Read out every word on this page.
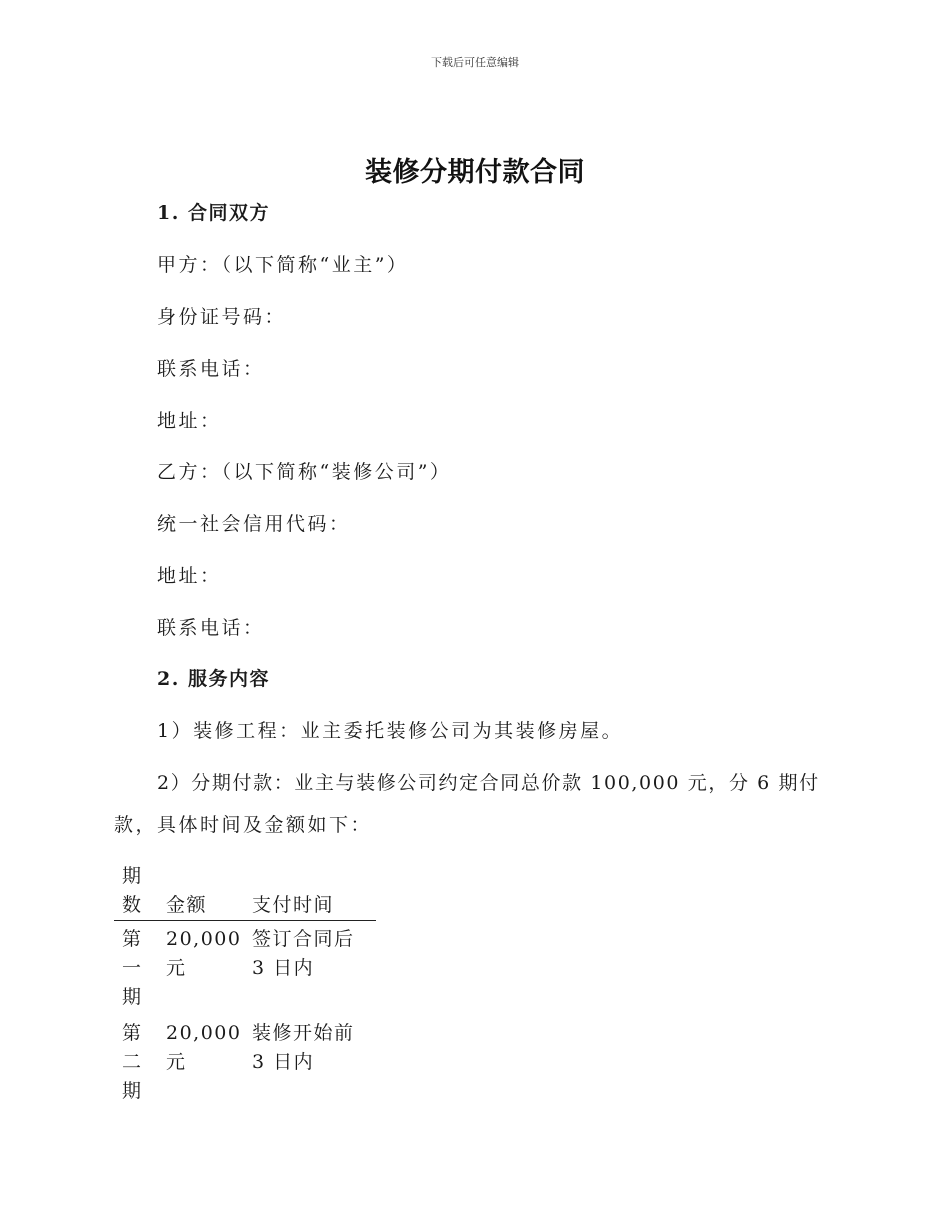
下载后可任意编辑
装修分期付款合同
1. 合同双方
甲方：（以下简称“业主”）
身份证号码：
联系电话：
地址：
乙方：（以下简称“装修公司”）
统一社会信用代码：
地址：
联系电话：
2. 服务内容
1）装修工程：业主委托装修公司为其装修房屋。
2）分期付款：业主与装修公司约定合同总价款 100,000 元，分 6 期付
款，具体时间及金额如下：
期
数
	金额
	支付时间
第
一
期
20,000
元
签订合同后
3 日内
第
二
期
20,000
元
装修开始前
3 日内
